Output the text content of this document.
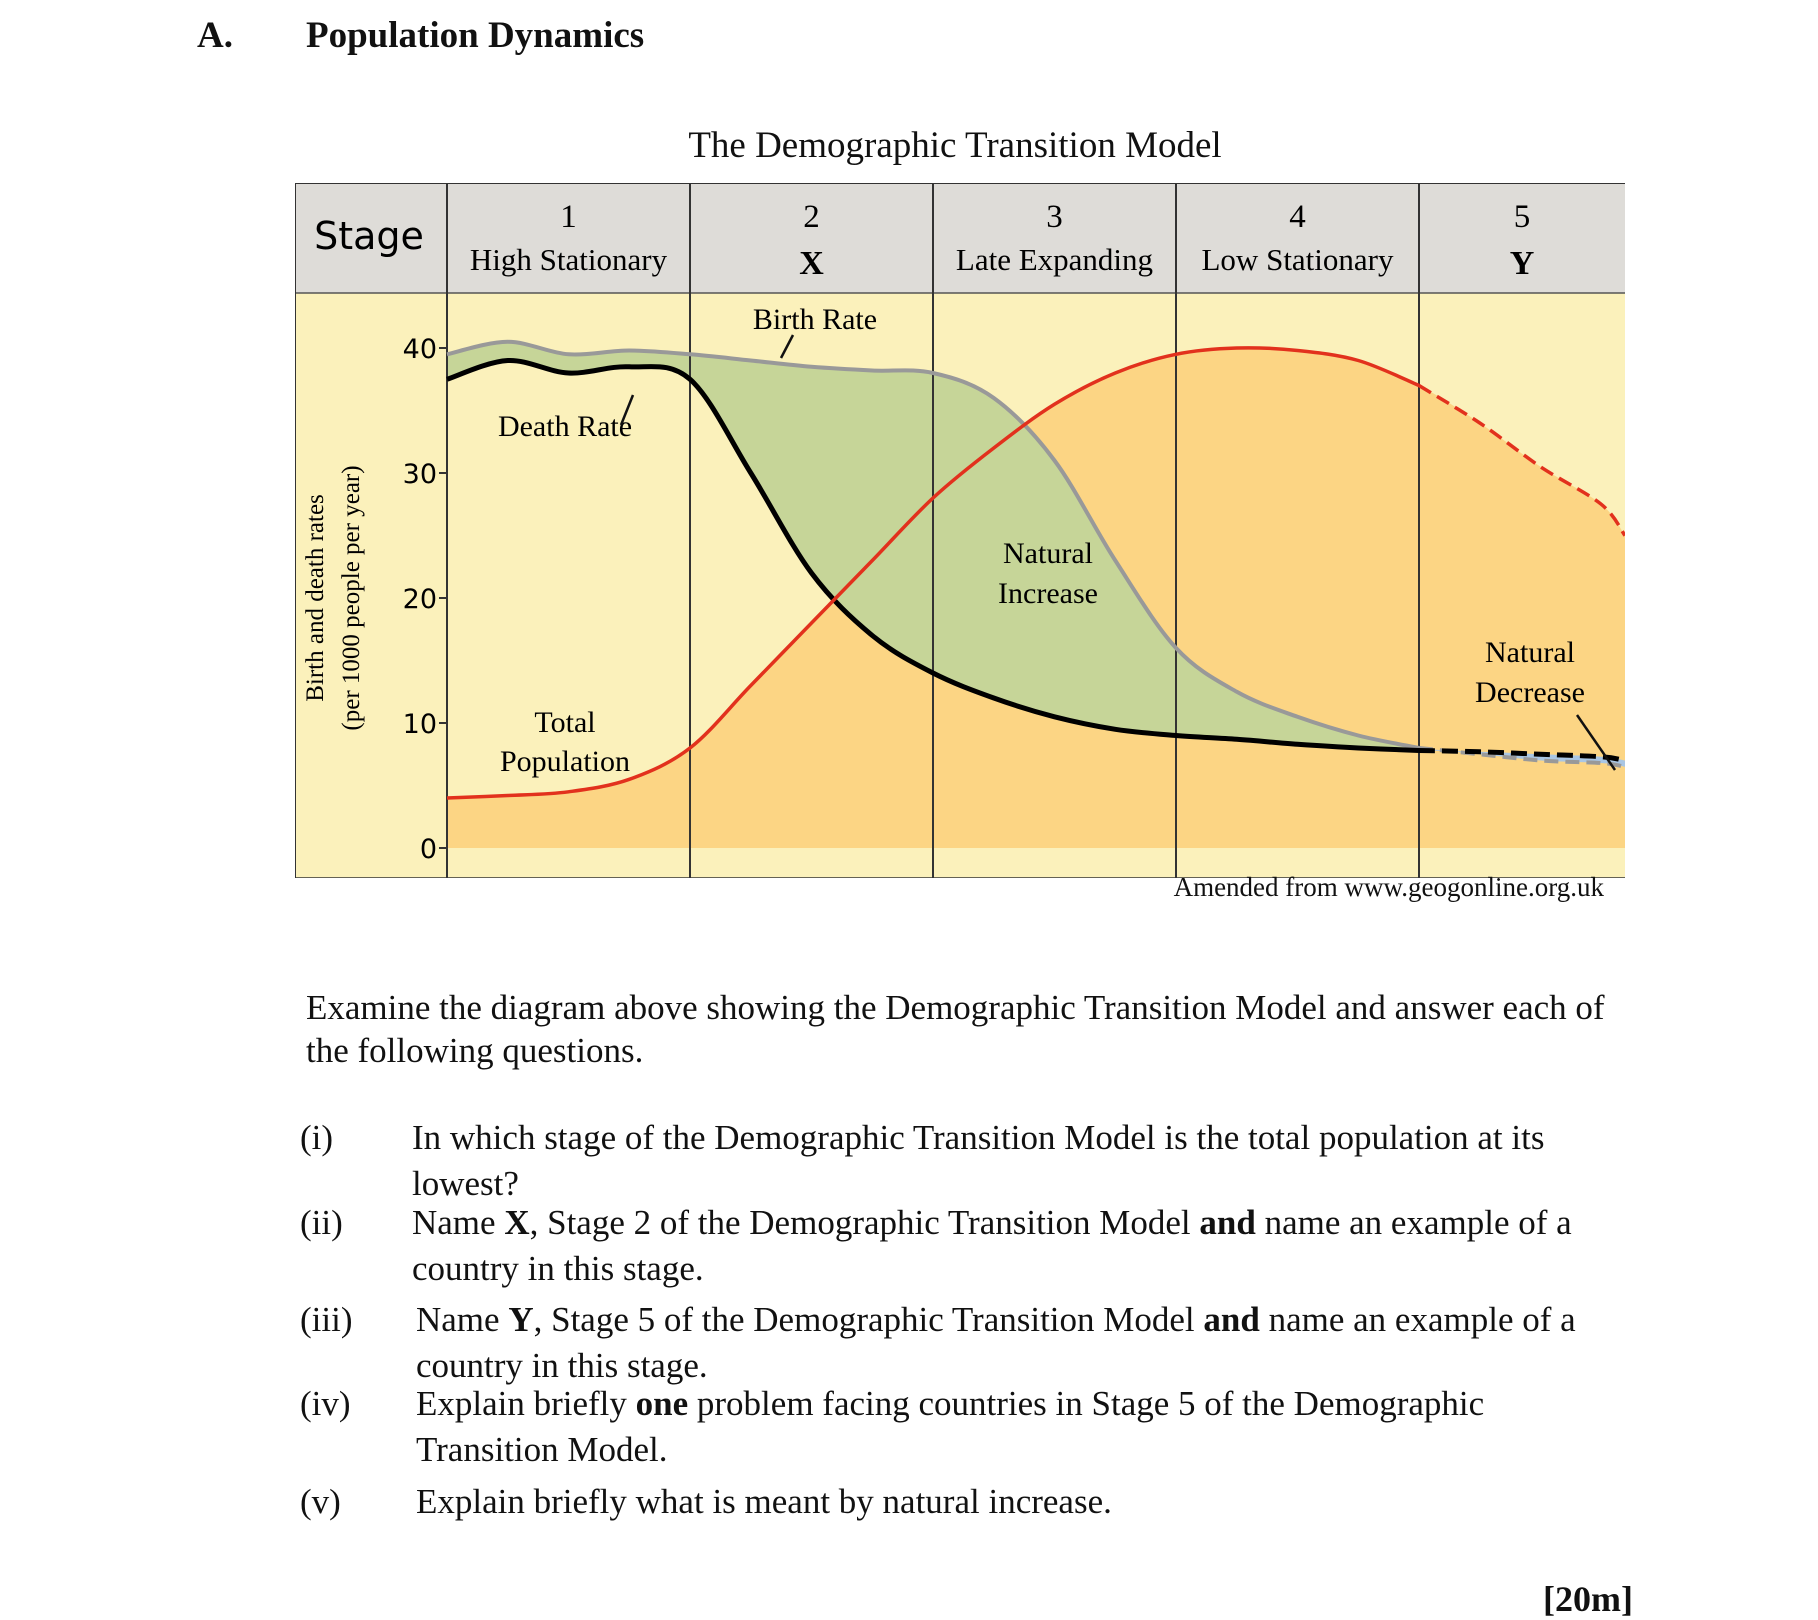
A. Population Dynamics
The Demographic Transition Model
0
10
20
30
40
Birth and death rates (per 1000 people per year)
Stage	1
High Stationary
2
X
3
Late Expanding
4
Low Stationary
5
Y
Birth Rate
Death Rate
Total
Population
Natural
Increase
Natural
Decrease
Amended from www.geogonline.org.uk
Examine the diagram above showing the Demographic Transition Model and answer each of the following questions.
(i) In which stage of the Demographic Transition Model is the total population at its lowest?
(ii) Name X, Stage 2 of the Demographic Transition Model and name an example of a country in this stage.
(iii) Name Y, Stage 5 of the Demographic Transition Model and name an example of a country in this stage.
(iv) Explain briefly one problem facing countries in Stage 5 of the Demographic Transition Model.
(v) Explain briefly what is meant by natural increase.
[20m]
